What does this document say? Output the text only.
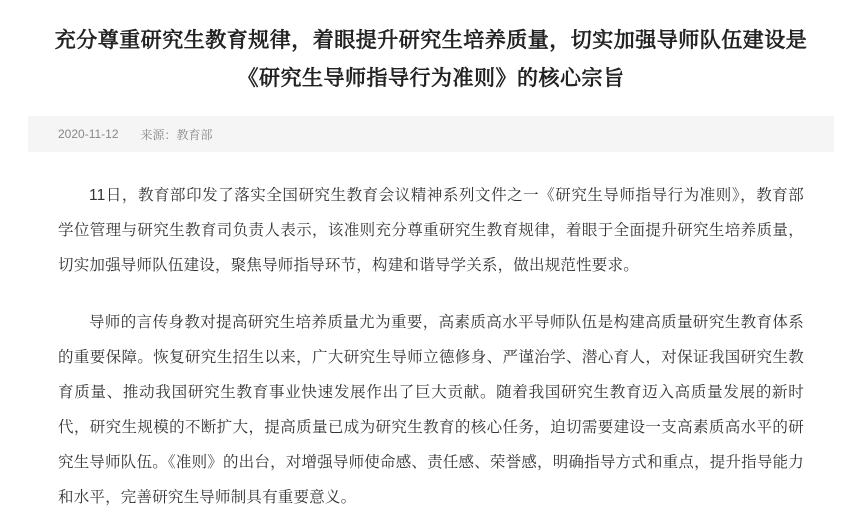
充分尊重研究生教育规律，着眼提升研究生培养质量，切实加强导师队伍建设是《研究生导师指导行为准则》的核心宗旨
2020-11-12 来源：教育部

11日，教育部印发了落实全国研究生教育会议精神系列文件之一《研究生导师指导行为准则》，教育部学位管理与研究生教育司负责人表示，该准则充分尊重研究生教育规律，着眼于全面提升研究生培养质量，切实加强导师队伍建设，聚焦导师指导环节，构建和谐导学关系，做出规范性要求。

导师的言传身教对提高研究生培养质量尤为重要，高素质高水平导师队伍是构建高质量研究生教育体系的重要保障。恢复研究生招生以来，广大研究生导师立德修身、严谨治学、潜心育人，对保证我国研究生教育质量、推动我国研究生教育事业快速发展作出了巨大贡献。随着我国研究生教育迈入高质量发展的新时代，研究生规模的不断扩大，提高质量已成为研究生教育的核心任务，迫切需要建设一支高素质高水平的研究生导师队伍。《准则》的出台，对增强导师使命感、责任感、荣誉感，明确指导方式和重点，提升指导能力和水平，完善研究生导师制具有重要意义。
